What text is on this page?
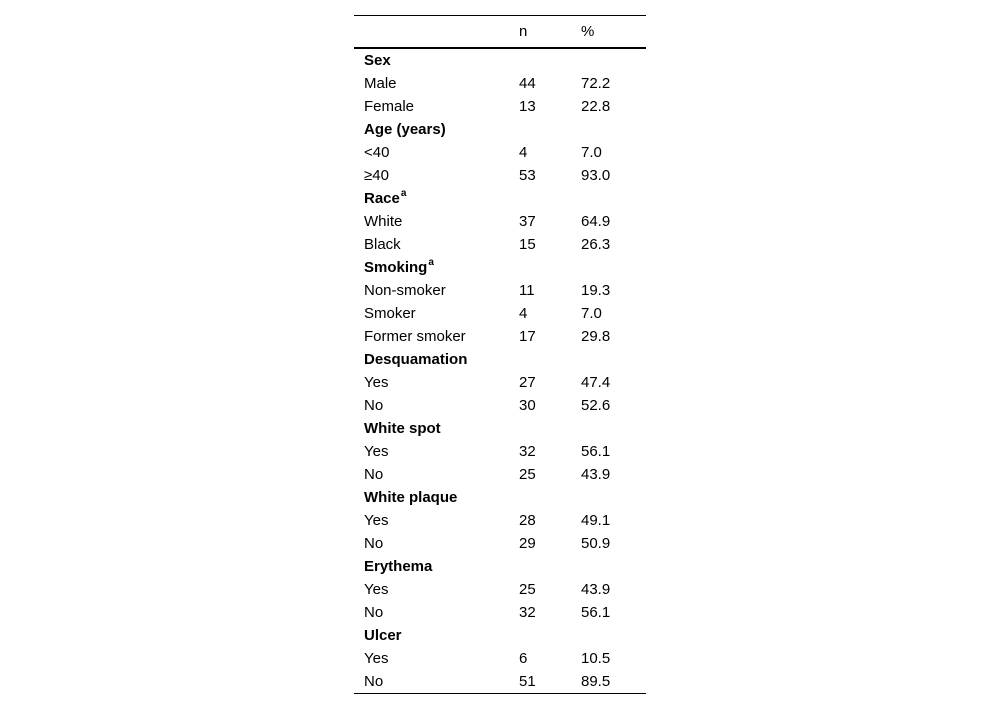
	n	%
Sex		
Male	44	72.2
Female	13	22.8
Age (years)		
<40	4	7.0
≥40	53	93.0
Race$^a$		
White	37	64.9
Black	15	26.3
Smoking$^a$		
Non-smoker	11	19.3
Smoker	4	7.0
Former smoker	17	29.8
Desquamation		
Yes	27	47.4
No	30	52.6
White spot		
Yes	32	56.1
No	25	43.9
White plaque		
Yes	28	49.1
No	29	50.9
Erythema		
Yes	25	43.9
No	32	56.1
Ulcer		
Yes	6	10.5
No	51	89.5
